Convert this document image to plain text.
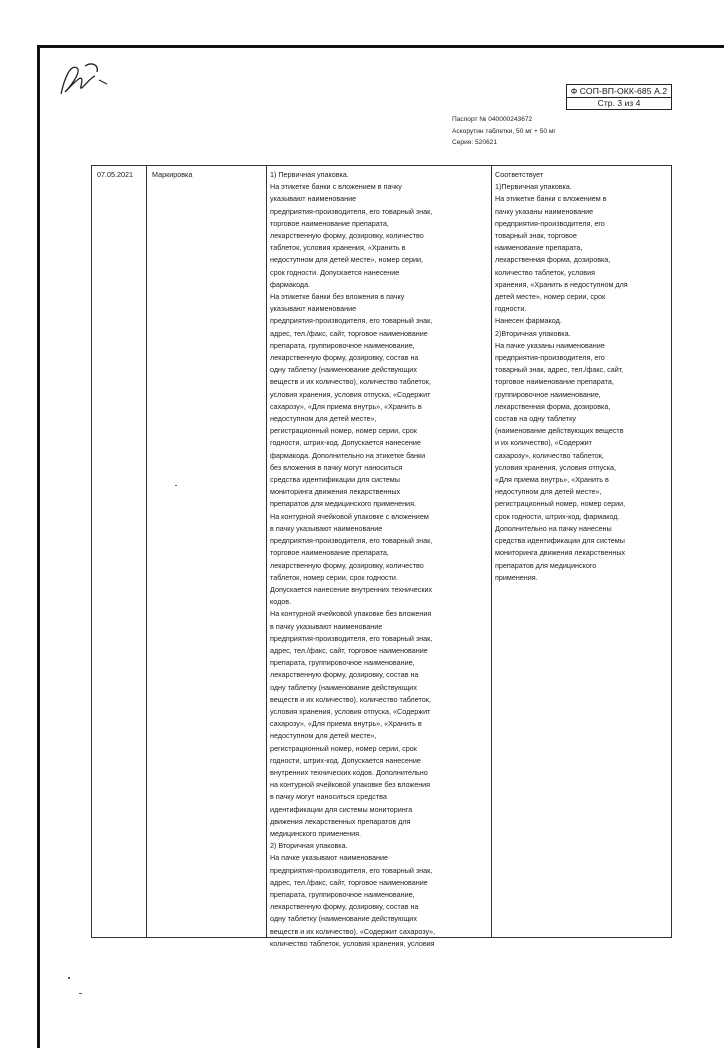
Ф СОП-ВП-ОКК-685 А.2
Стр. 3 из 4
Паспорт № 040000243672
Аскорутин таблетки, 50 мг + 50 мг
Серия: 520621
07.05.2021	Маркировка	1) Первичная упаковка.
На этикетке банки с вложением в пачку
указывают наименование
предприятия-производителя, его товарный знак,
торговое наименование препарата,
лекарственную форму, дозировку, количество
таблеток, условия хранения, «Хранить в
недоступном для детей месте», номер серии,
срок годности. Допускается нанесение
фармакода.
На этикетке банки без вложения в пачку
указывают наименование
предприятия-производителя, его товарный знак,
адрес, тел./факс, сайт, торговое наименование
препарата, группировочное наименование,
лекарственную форму, дозировку, состав на
одну таблетку (наименование действующих
веществ и их количество), количество таблеток,
условия хранения, условия отпуска, «Содержит
сахарозу», «Для приема внутрь», «Хранить в
недоступном для детей месте»,
регистрационный номер, номер серии, срок
годности, штрих-код. Допускается нанесение
фармакода. Дополнительно на этикетке банки
без вложения в пачку могут наноситься
средства идентификации для системы
мониторинга движения лекарственных
препаратов для медицинского применения.
На контурной ячейковой упаковке с вложением
в пачку указывают наименование
предприятия-производителя, его товарный знак,
торговое наименование препарата,
лекарственную форму, дозировку, количество
таблеток, номер серии, срок годности.
Допускается нанесение внутренних технических
кодов.
На контурной ячейковой упаковке без вложения
в пачку указывают наименование
предприятия-производителя, его товарный знак,
адрес, тел./факс, сайт, торговое наименование
препарата, группировочное наименование,
лекарственную форму, дозировку, состав на
одну таблетку (наименование действующих
веществ и их количество), количество таблеток,
условия хранения, условия отпуска, «Содержит
сахарозу», «Для приема внутрь», «Хранить в
недоступном для детей месте»,
регистрационный номер, номер серии, срок
годности, штрих-код. Допускается нанесение
внутренних технических кодов. Дополнительно
на контурной ячейковой упаковке без вложения
в пачку могут наноситься средства
идентификации для системы мониторинга
движения лекарственных препаратов для
медицинского применения.
2) Вторичная упаковка.
На пачке указывают наименование
предприятия-производителя, его товарный знак,
адрес, тел./факс, сайт, торговое наименование
препарата, группировочное наименование,
лекарственную форму, дозировку, состав на
одну таблетку (наименование действующих
веществ и их количество), «Содержит сахарозу»,
количество таблеток, условия хранения, условия
Соответствует
1)Первичная упаковка.
На этикетке банки с вложением в
пачку указаны наименование
предприятия-производителя, его
товарный знак, торговое
наименование препарата,
лекарственная форма, дозировка,
количество таблеток, условия
хранения, «Хранить в недоступном для
детей месте», номер серии, срок
годности.
Нанесен фармакод.
2)Вторичная упаковка.
На пачке указаны наименование
предприятия-производителя, его
товарный знак, адрес, тел./факс, сайт,
торговое наименование препарата,
группировочное наименование,
лекарственная форма, дозировка,
состав на одну таблетку
(наименование действующих веществ
и их количество), «Содержит
сахарозу», количество таблеток,
условия хранения, условия отпуска,
«Для приема внутрь», «Хранить в
недоступном для детей месте»,
регистрационный номер, номер серии,
срок годности, штрих-код, фармакод.
Дополнительно на пачку нанесены
средства идентификации для системы
мониторинга движения лекарственных
препаратов для медицинского
применения.
